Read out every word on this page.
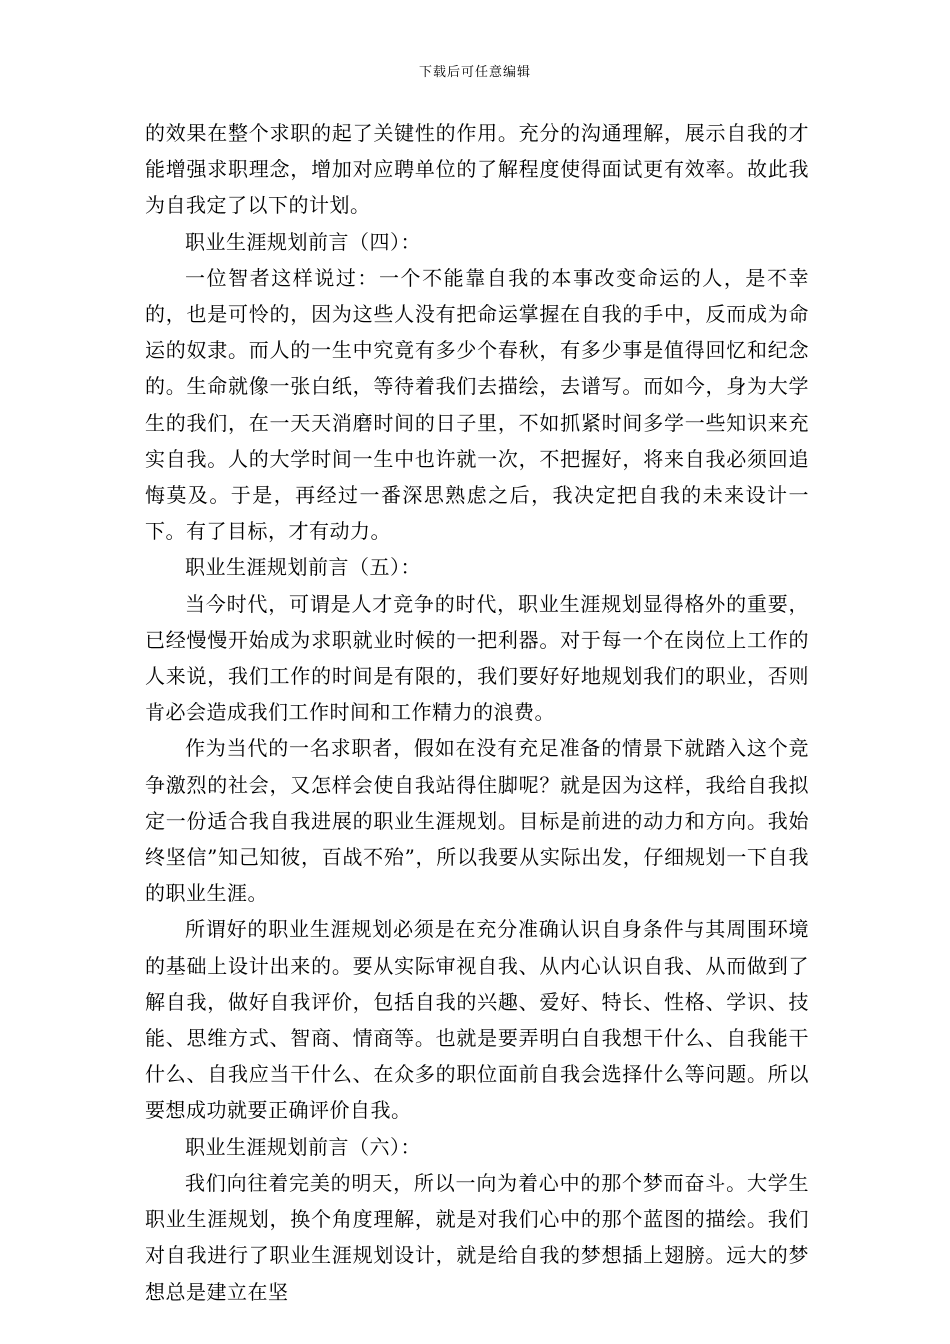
下载后可任意编辑

的效果在整个求职的起了关键性的作用。充分的沟通理解，展示自我的才能增强求职理念，增加对应聘单位的了解程度使得面试更有效率。故此我为自我定了以下的计划。

职业生涯规划前言（四）：

一位智者这样说过：一个不能靠自我的本事改变命运的人，是不幸的，也是可怜的，因为这些人没有把命运掌握在自我的手中，反而成为命运的奴隶。而人的一生中究竟有多少个春秋，有多少事是值得回忆和纪念的。生命就像一张白纸，等待着我们去描绘，去谱写。而如今，身为大学生的我们，在一天天消磨时间的日子里，不如抓紧时间多学一些知识来充实自我。人的大学时间一生中也许就一次，不把握好，将来自我必须回追悔莫及。于是，再经过一番深思熟虑之后，我决定把自我的未来设计一下。有了目标，才有动力。

职业生涯规划前言（五）：

当今时代，可谓是人才竞争的时代，职业生涯规划显得格外的重要，已经慢慢开始成为求职就业时候的一把利器。对于每一个在岗位上工作的人来说，我们工作的时间是有限的，我们要好好地规划我们的职业，否则肯必会造成我们工作时间和工作精力的浪费。

作为当代的一名求职者，假如在没有充足准备的情景下就踏入这个竞争激烈的社会，又怎样会使自我站得住脚呢？就是因为这样，我给自我拟定一份适合我自我进展的职业生涯规划。目标是前进的动力和方向。我始终坚信”知己知彼，百战不殆”，所以我要从实际出发，仔细规划一下自我的职业生涯。

所谓好的职业生涯规划必须是在充分准确认识自身条件与其周围环境的基础上设计出来的。要从实际审视自我、从内心认识自我、从而做到了解自我，做好自我评价，包括自我的兴趣、爱好、特长、性格、学识、技能、思维方式、智商、情商等。也就是要弄明白自我想干什么、自我能干什么、自我应当干什么、在众多的职位面前自我会选择什么等问题。所以要想成功就要正确评价自我。

职业生涯规划前言（六）：

我们向往着完美的明天，所以一向为着心中的那个梦而奋斗。大学生职业生涯规划，换个角度理解，就是对我们心中的那个蓝图的描绘。我们对自我进行了职业生涯规划设计，就是给自我的梦想插上翅膀。远大的梦想总是建立在坚
